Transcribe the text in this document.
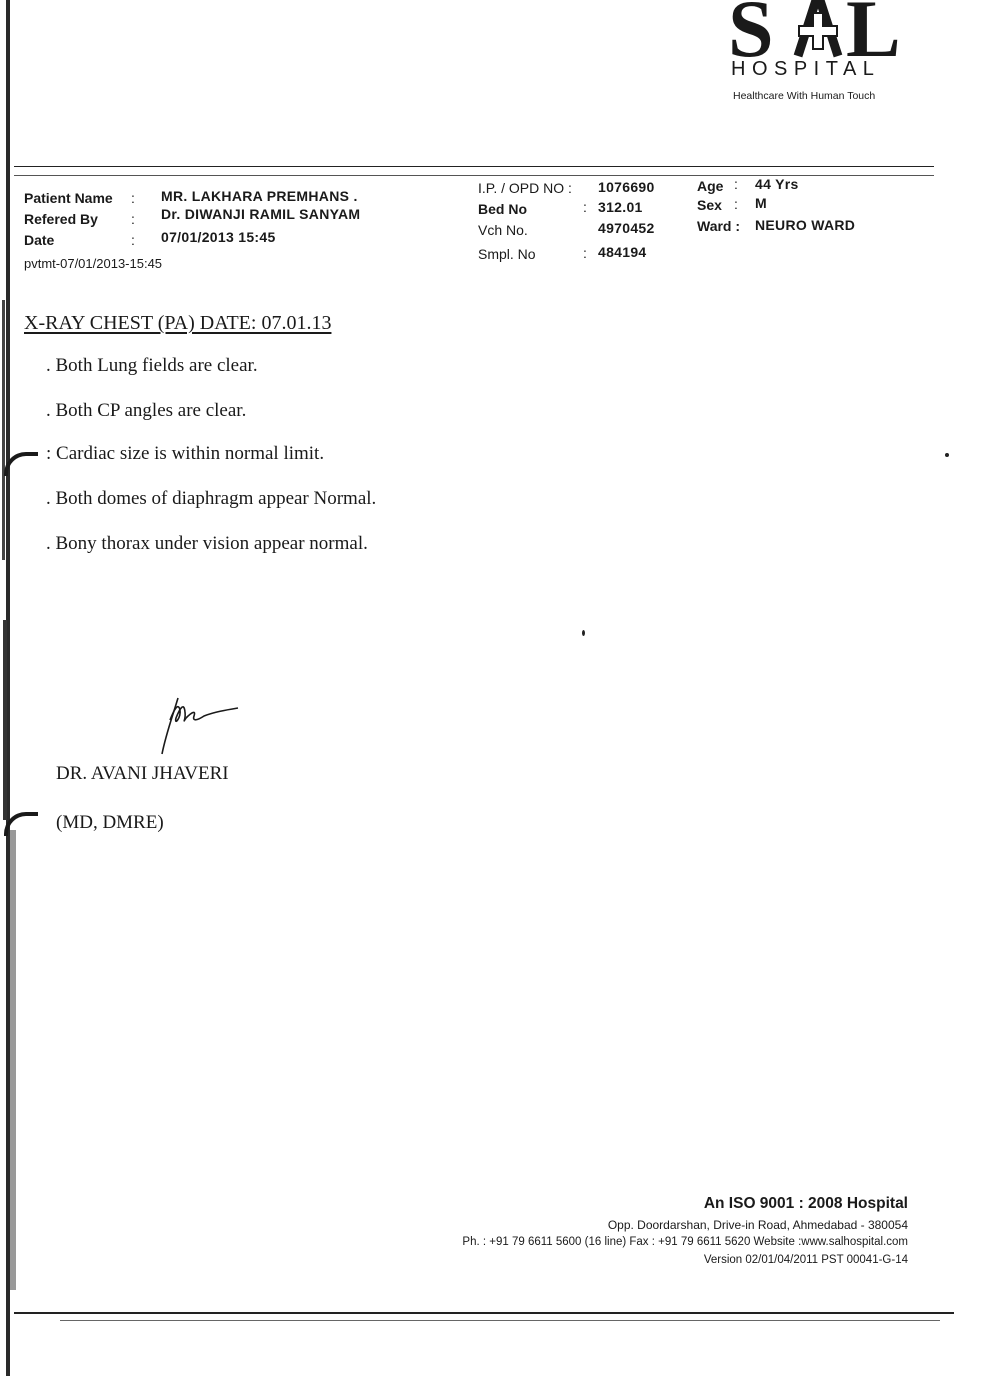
S L
HOSPITAL
Healthcare With Human Touch
Patient Name : MR. LAKHARA PREMHANS .
Refered By : Dr. DIWANJI RAMIL SANYAM
Date	: 07/01/2013 15:45
pvtmt-07/01/2013-15:45
I.P. / OPD NO : 1076690
Bed No	: 312.01
Vch No.	4970452
Smpl. No	: 484194
Age : 44 Yrs
Sex : M
Ward : NEURO WARD
X-RAY CHEST (PA) DATE: 07.01.13
. Both Lung fields are clear.
. Both CP angles are clear.
: Cardiac size is within normal limit.
. Both domes of diaphragm appear Normal.
. Bony thorax under vision appear normal.
DR. AVANI JHAVERI
(MD, DMRE)
An ISO 9001 : 2008 Hospital
Opp. Doordarshan, Drive-in Road, Ahmedabad - 380054
Ph. : +91 79 6611 5600 (16 line) Fax : +91 79 6611 5620 Website :www.salhospital.com
Version 02/01/04/2011 PST 00041-G-14
